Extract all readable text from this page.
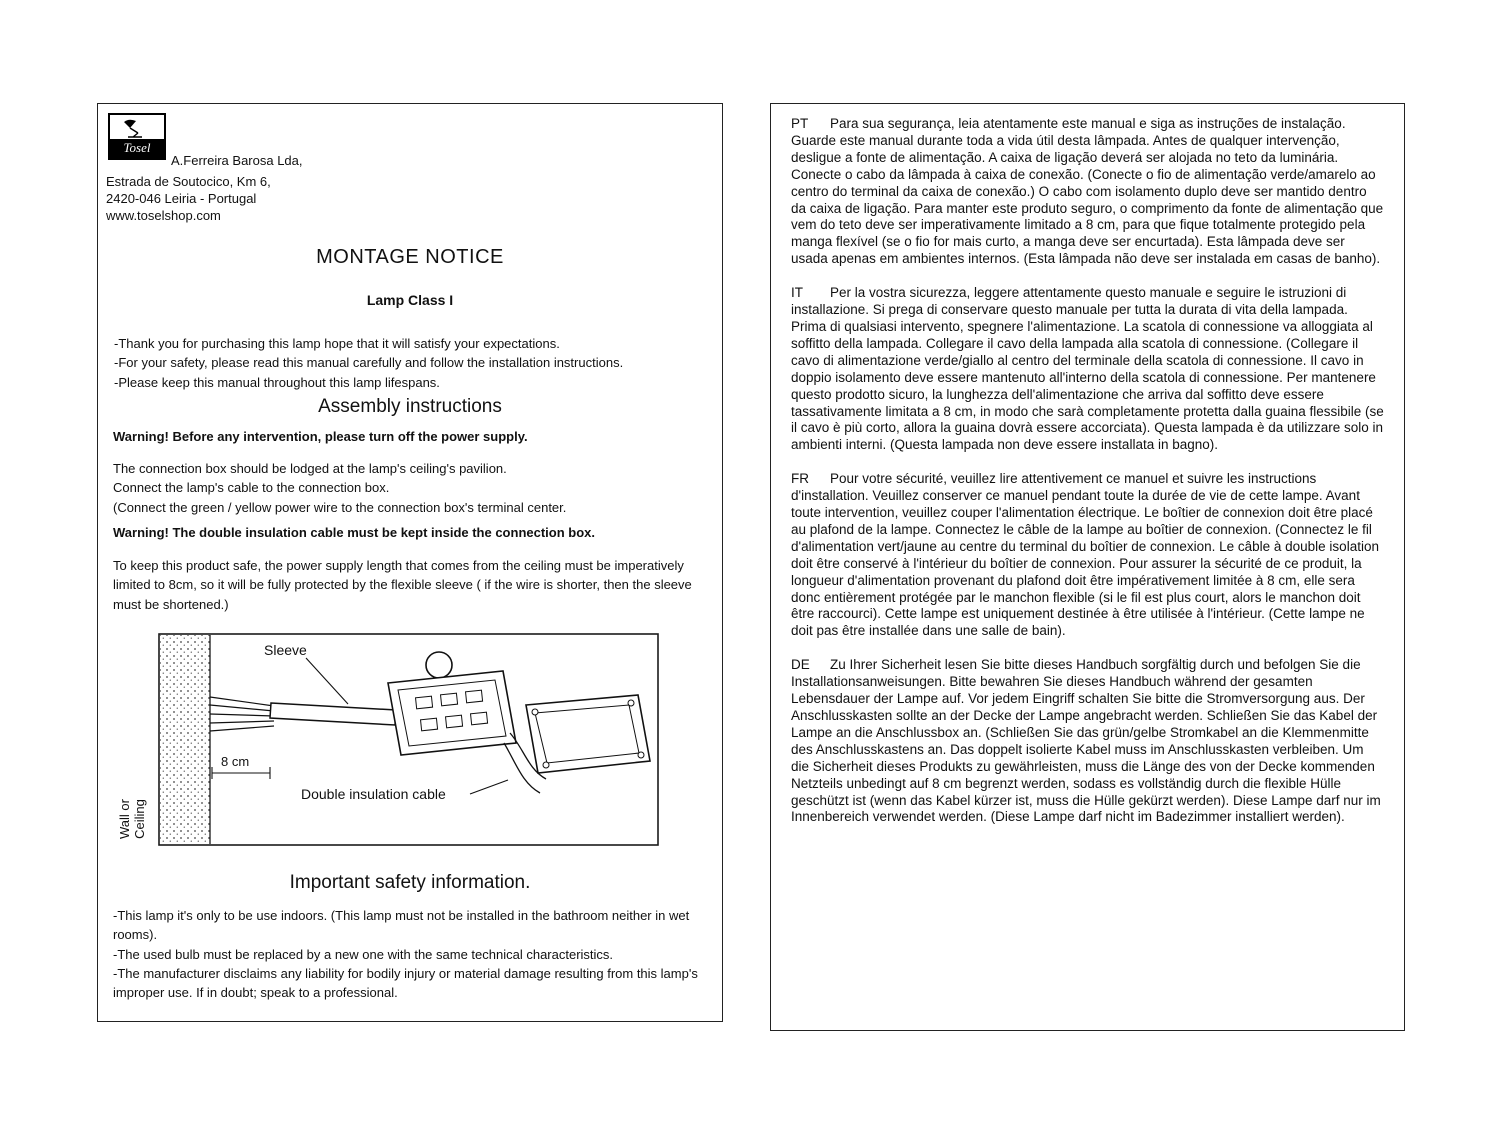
Tosel
A.Ferreira Barosa Lda,
Estrada de Soutocico, Km 6,
2420-046 Leiria - Portugal
www.toselshop.com
MONTAGE NOTICE
Lamp Class I
-Thank you for purchasing this lamp hope that it will satisfy your expectations.
-For your safety, please read this manual carefully and follow the installation instructions.
-Please keep this manual throughout this lamp lifespans.
Assembly instructions
Warning! Before any intervention, please turn off the power supply.
The connection box should be lodged at the lamp's ceiling's pavilion.
Connect the lamp's cable to the connection box.
(Connect the green / yellow power wire to the connection box's terminal center.
Warning! The double insulation cable must be kept inside the connection box.
To keep this product safe, the power supply length that comes from the ceiling must be imperatively limited to 8cm, so it will be fully protected by the flexible sleeve ( if the wire is shorter, then the sleeve must be shortened.)
Sleeve
8 cm
Double insulation cable
Wall or Ceiling
Important safety information.
-This lamp it's only to be use indoors. (This lamp must not be installed in the bathroom neither in wet rooms).
-The used bulb must be replaced by a new one with the same technical characteristics.
-The manufacturer disclaims any liability for bodily injury or material damage resulting from this lamp's improper use. If in doubt; speak to a professional.

PT Para sua segurança, leia atentamente este manual e siga as instruções de instalação. Guarde este manual durante toda a vida útil desta lâmpada. Antes de qualquer intervenção, desligue a fonte de alimentação. A caixa de ligação deverá ser alojada no teto da luminária. Conecte o cabo da lâmpada à caixa de conexão. (Conecte o fio de alimentação verde/amarelo ao centro do terminal da caixa de conexão.) O cabo com isolamento duplo deve ser mantido dentro da caixa de ligação. Para manter este produto seguro, o comprimento da fonte de alimentação que vem do teto deve ser imperativamente limitado a 8 cm, para que fique totalmente protegido pela manga flexível (se o fio for mais curto, a manga deve ser encurtada). Esta lâmpada deve ser usada apenas em ambientes internos. (Esta lâmpada não deve ser instalada em casas de banho).

IT Per la vostra sicurezza, leggere attentamente questo manuale e seguire le istruzioni di installazione. Si prega di conservare questo manuale per tutta la durata di vita della lampada. Prima di qualsiasi intervento, spegnere l'alimentazione. La scatola di connessione va alloggiata al soffitto della lampada. Collegare il cavo della lampada alla scatola di connessione. (Collegare il cavo di alimentazione verde/giallo al centro del terminale della scatola di connessione. Il cavo in doppio isolamento deve essere mantenuto all'interno della scatola di connessione. Per mantenere questo prodotto sicuro, la lunghezza dell'alimentazione che arriva dal soffitto deve essere tassativamente limitata a 8 cm, in modo che sarà completamente protetta dalla guaina flessibile (se il cavo è più corto, allora la guaina dovrà essere accorciata). Questa lampada è da utilizzare solo in ambienti interni. (Questa lampada non deve essere installata in bagno).

FR Pour votre sécurité, veuillez lire attentivement ce manuel et suivre les instructions d'installation. Veuillez conserver ce manuel pendant toute la durée de vie de cette lampe. Avant toute intervention, veuillez couper l'alimentation électrique. Le boîtier de connexion doit être placé au plafond de la lampe. Connectez le câble de la lampe au boîtier de connexion. (Connectez le fil d'alimentation vert/jaune au centre du terminal du boîtier de connexion. Le câble à double isolation doit être conservé à l'intérieur du boîtier de connexion. Pour assurer la sécurité de ce produit, la longueur d'alimentation provenant du plafond doit être impérativement limitée à 8 cm, elle sera donc entièrement protégée par le manchon flexible (si le fil est plus court, alors le manchon doit être raccourci). Cette lampe est uniquement destinée à être utilisée à l'intérieur. (Cette lampe ne doit pas être installée dans une salle de bain).

DE Zu Ihrer Sicherheit lesen Sie bitte dieses Handbuch sorgfältig durch und befolgen Sie die Installationsanweisungen. Bitte bewahren Sie dieses Handbuch während der gesamten Lebensdauer der Lampe auf. Vor jedem Eingriff schalten Sie bitte die Stromversorgung aus. Der Anschlusskasten sollte an der Decke der Lampe angebracht werden. Schließen Sie das Kabel der Lampe an die Anschlussbox an. (Schließen Sie das grün/gelbe Stromkabel an die Klemmenmitte des Anschlusskastens an. Das doppelt isolierte Kabel muss im Anschlusskasten verbleiben. Um die Sicherheit dieses Produkts zu gewährleisten, muss die Länge des von der Decke kommenden Netzteils unbedingt auf 8 cm begrenzt werden, sodass es vollständig durch die flexible Hülle geschützt ist (wenn das Kabel kürzer ist, muss die Hülle gekürzt werden). Diese Lampe darf nur im Innenbereich verwendet werden. (Diese Lampe darf nicht im Badezimmer installiert werden).
